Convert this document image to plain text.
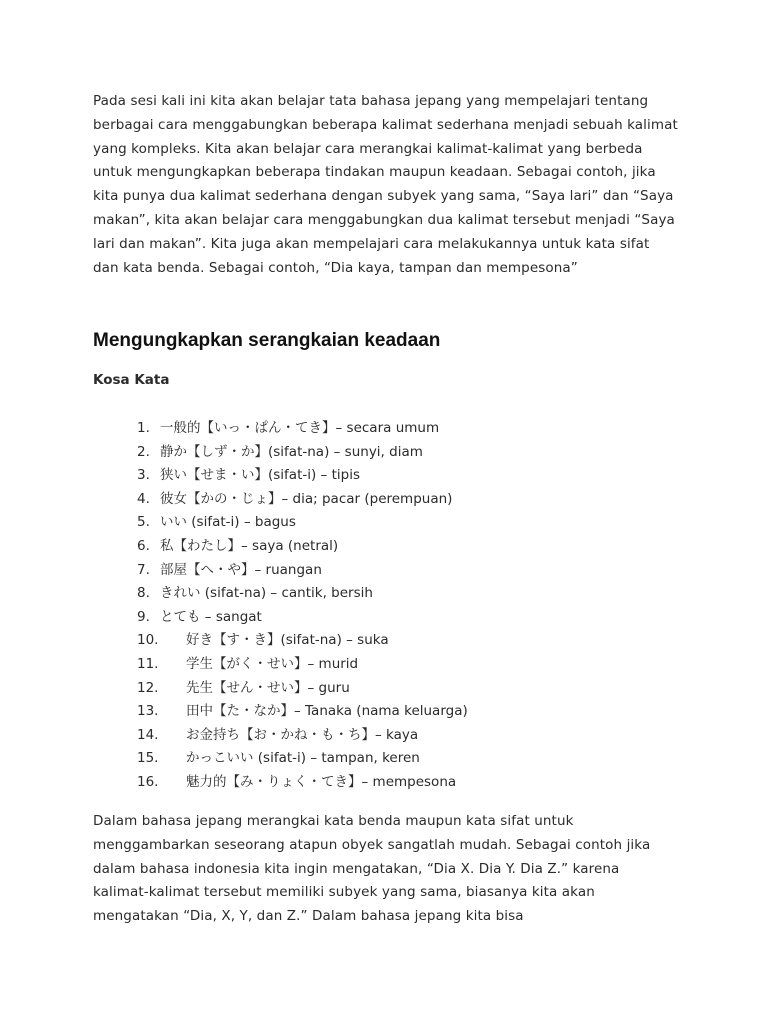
Pada sesi kali ini kita akan belajar tata bahasa jepang yang mempelajari tentang berbagai cara menggabungkan beberapa kalimat sederhana menjadi sebuah kalimat yang kompleks. Kita akan belajar cara merangkai kalimat-kalimat yang berbeda untuk mengungkapkan beberapa tindakan maupun keadaan. Sebagai contoh, jika kita punya dua kalimat sederhana dengan subyek yang sama, “Saya lari” dan “Saya makan”, kita akan belajar cara menggabungkan dua kalimat tersebut menjadi “Saya lari dan makan”. Kita juga akan mempelajari cara melakukannya untuk kata sifat dan kata benda. Sebagai contoh, “Dia kaya, tampan dan mempesona”

Mengungkapkan serangkaian keadaan
Kosa Kata
1. 一般的【いっ・ぱん・てき】– secara umum
2. 静か【しず・か】(sifat-na) – sunyi, diam
3. 狭い【せま・い】(sifat-i) – tipis
4. 彼女【かの・じょ】– dia; pacar (perempuan)
5. いい (sifat-i) – bagus
6. 私【わたし】– saya (netral)
7. 部屋【へ・や】– ruangan
8. きれい (sifat-na) – cantik, bersih
9. とても – sangat
10. 好き【す・き】(sifat-na) – suka
11. 学生【がく・せい】– murid
12. 先生【せん・せい】– guru
13. 田中【た・なか】– Tanaka (nama keluarga)
14. お金持ち【お・かね・も・ち】– kaya
15. かっこいい (sifat-i) – tampan, keren
16. 魅力的【み・りょく・てき】– mempesona

Dalam bahasa jepang merangkai kata benda maupun kata sifat untuk menggambarkan seseorang atapun obyek sangatlah mudah. Sebagai contoh jika dalam bahasa indonesia kita ingin mengatakan, “Dia X. Dia Y. Dia Z.” karena kalimat-kalimat tersebut memiliki subyek yang sama, biasanya kita akan mengatakan “Dia, X, Y, dan Z.” Dalam bahasa jepang kita bisa
